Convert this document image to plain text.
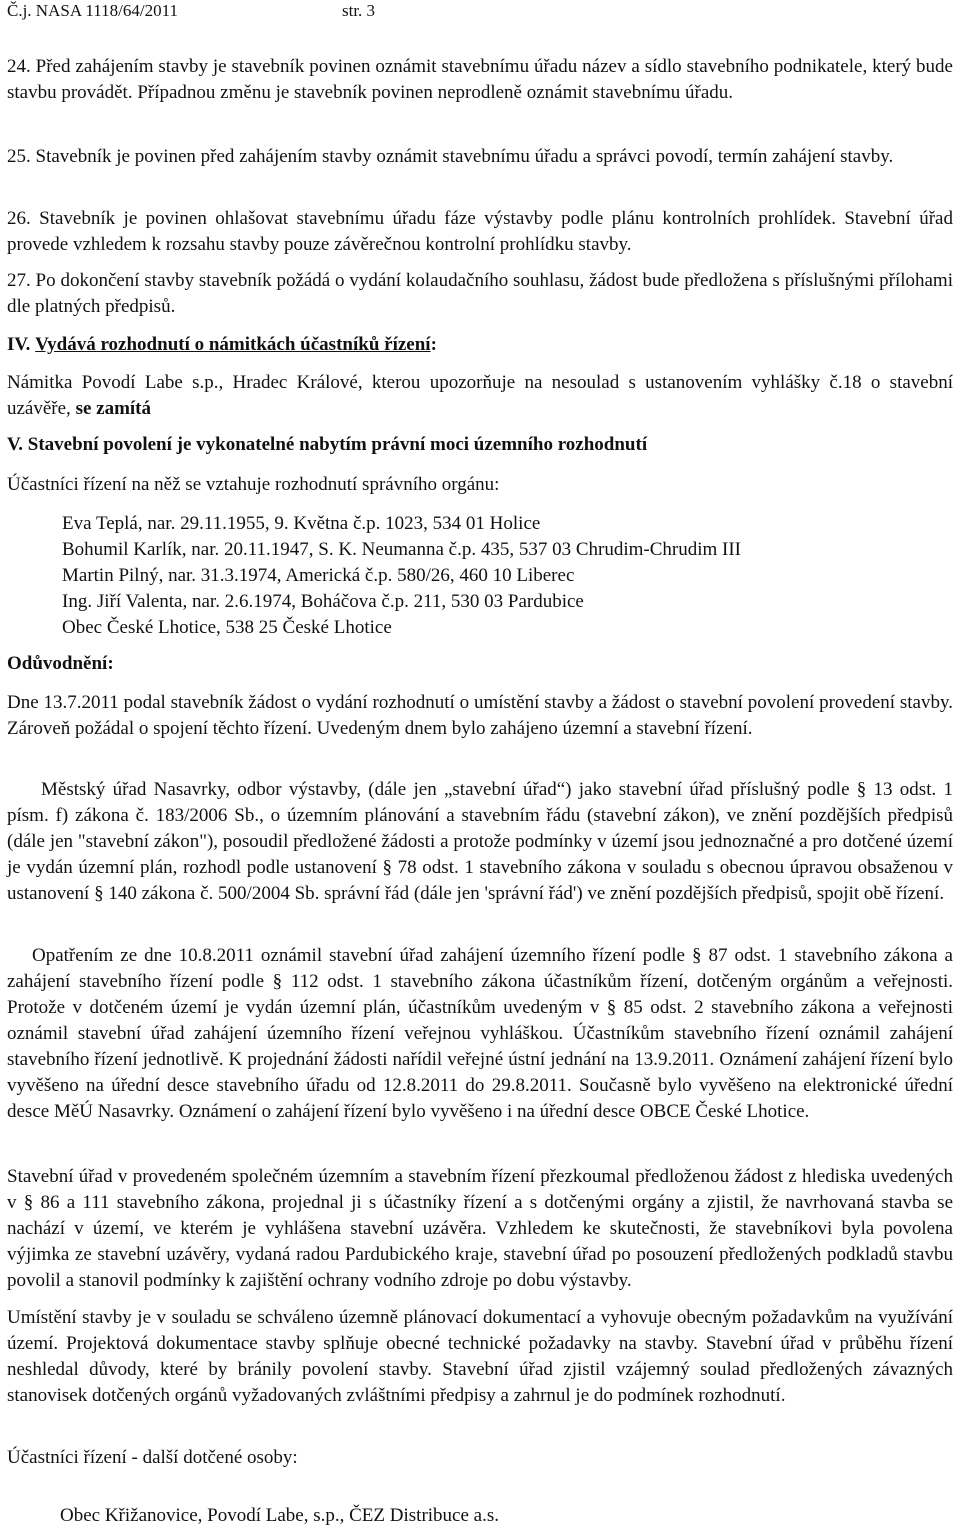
Č.j. NASA 1118/64/2011	str. 3

24. Před zahájením stavby je stavebník povinen oznámit stavebnímu úřadu název a sídlo stavebního podnikatele, který bude stavbu provádět. Případnou změnu je stavebník povinen neprodleně oznámit stavebnímu úřadu.

25. Stavebník je povinen před zahájením stavby oznámit stavebnímu úřadu a správci povodí, termín zahájení stavby.

26. Stavebník je povinen ohlašovat stavebnímu úřadu fáze výstavby podle plánu kontrolních prohlídek. Stavební úřad provede vzhledem k rozsahu stavby pouze závěrečnou kontrolní prohlídku stavby.

27. Po dokončení stavby stavebník požádá o vydání kolaudačního souhlasu, žádost bude předložena s příslušnými přílohami dle platných předpisů.

IV. Vydává rozhodnutí o námitkách účastníků řízení:

Námitka Povodí Labe s.p., Hradec Králové, kterou upozorňuje na nesoulad s ustanovením vyhlášky č.18 o stavební uzávěře, se zamítá

V. Stavební povolení je vykonatelné nabytím právní moci územního rozhodnutí

Účastníci řízení na něž se vztahuje rozhodnutí správního orgánu:

Eva Teplá, nar. 29.11.1955, 9. Května č.p. 1023, 534 01 Holice
Bohumil Karlík, nar. 20.11.1947, S. K. Neumanna č.p. 435, 537 03 Chrudim-Chrudim III
Martin Pilný, nar. 31.3.1974, Americká č.p. 580/26, 460 10 Liberec
Ing. Jiří Valenta, nar. 2.6.1974, Boháčova č.p. 211, 530 03 Pardubice
Obec České Lhotice, 538 25 České Lhotice
Odůvodnění:

Dne 13.7.2011 podal stavebník žádost o vydání rozhodnutí o umístění stavby a žádost o stavební povolení provedení stavby. Zároveň požádal o spojení těchto řízení. Uvedeným dnem bylo zahájeno územní a stavební řízení.

Městský úřad Nasavrky, odbor výstavby, (dále jen „stavební úřad“) jako stavební úřad příslušný podle § 13 odst. 1 písm. f) zákona č. 183/2006 Sb., o územním plánování a stavebním řádu (stavební zákon), ve znění pozdějších předpisů (dále jen "stavební zákon"), posoudil předložené žádosti a protože podmínky v území jsou jednoznačné a pro dotčené území je vydán územní plán, rozhodl podle ustanovení § 78 odst. 1 stavebního zákona v souladu s obecnou úpravou obsaženou v ustanovení § 140 zákona č. 500/2004 Sb. správní řád (dále jen 'správní řád') ve znění pozdějších předpisů, spojit obě řízení.

Opatřením ze dne 10.8.2011 oznámil stavební úřad zahájení územního řízení podle § 87 odst. 1 stavebního zákona a zahájení stavebního řízení podle § 112 odst. 1 stavebního zákona účastníkům řízení, dotčeným orgánům a veřejnosti. Protože v dotčeném území je vydán územní plán, účastníkům uvedeným v § 85 odst. 2 stavebního zákona a veřejnosti oznámil stavební úřad zahájení územního řízení veřejnou vyhláškou. Účastníkům stavebního řízení oznámil zahájení stavebního řízení jednotlivě. K projednání žádosti nařídil veřejné ústní jednání na 13.9.2011. Oznámení zahájení řízení bylo vyvěšeno na úřední desce stavebního úřadu od 12.8.2011 do 29.8.2011. Současně bylo vyvěšeno na elektronické úřední desce MěÚ Nasavrky. Oznámení o zahájení řízení bylo vyvěšeno i na úřední desce OBCE České Lhotice.

Stavební úřad v provedeném společném územním a stavebním řízení přezkoumal předloženou žádost z hlediska uvedených v § 86 a 111 stavebního zákona, projednal ji s účastníky řízení a s dotčenými orgány a zjistil, že navrhovaná stavba se nachází v území, ve kterém je vyhlášena stavební uzávěra. Vzhledem ke skutečnosti, že stavebníkovi byla povolena výjimka ze stavební uzávěry, vydaná radou Pardubického kraje, stavební úřad po posouzení předložených podkladů stavbu povolil a stanovil podmínky k zajištění ochrany vodního zdroje po dobu výstavby.

Umístění stavby je v souladu se schváleno územně plánovací dokumentací a vyhovuje obecným požadavkům na využívání území. Projektová dokumentace stavby splňuje obecné technické požadavky na stavby. Stavební úřad v průběhu řízení neshledal důvody, které by bránily povolení stavby. Stavební úřad zjistil vzájemný soulad předložených závazných stanovisek dotčených orgánů vyžadovaných zvláštními předpisy a zahrnul je do podmínek rozhodnutí.

Účastníci řízení - další dotčené osoby:
Obec Křižanovice, Povodí Labe, s.p., ČEZ Distribuce a.s.
